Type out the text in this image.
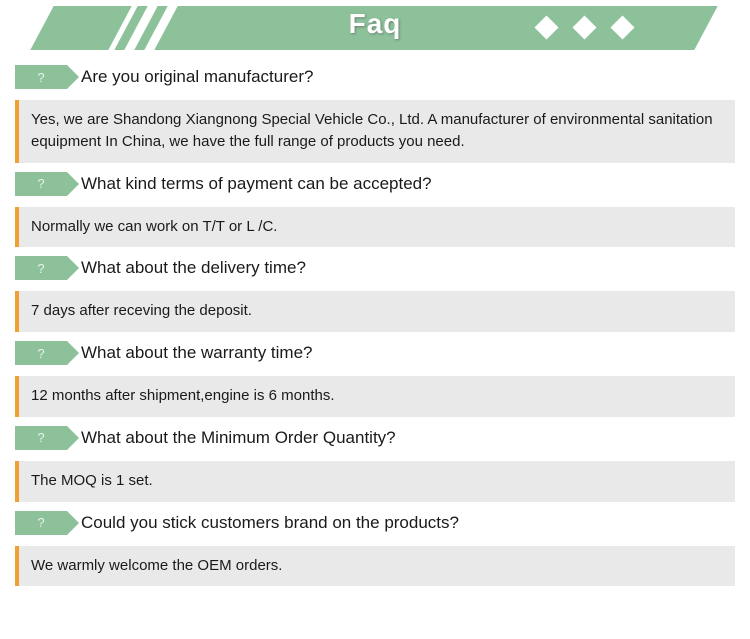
Faq
?	Are you original manufacturer?
Yes, we are Shandong Xiangnong Special Vehicle Co., Ltd. A manufacturer of environmental sanitation equipment In China, we have the full range of products you need.
?	What kind terms of payment can be accepted?
Normally we can work on T/T or L /C.
?	What about the delivery time?
7 days after receving the deposit.
?	What about the warranty time?
12 months after shipment,engine is 6 months.
?	What about the Minimum Order Quantity?
The MOQ is 1 set.
?	Could you stick customers brand on the products?
We warmly welcome the OEM orders.
